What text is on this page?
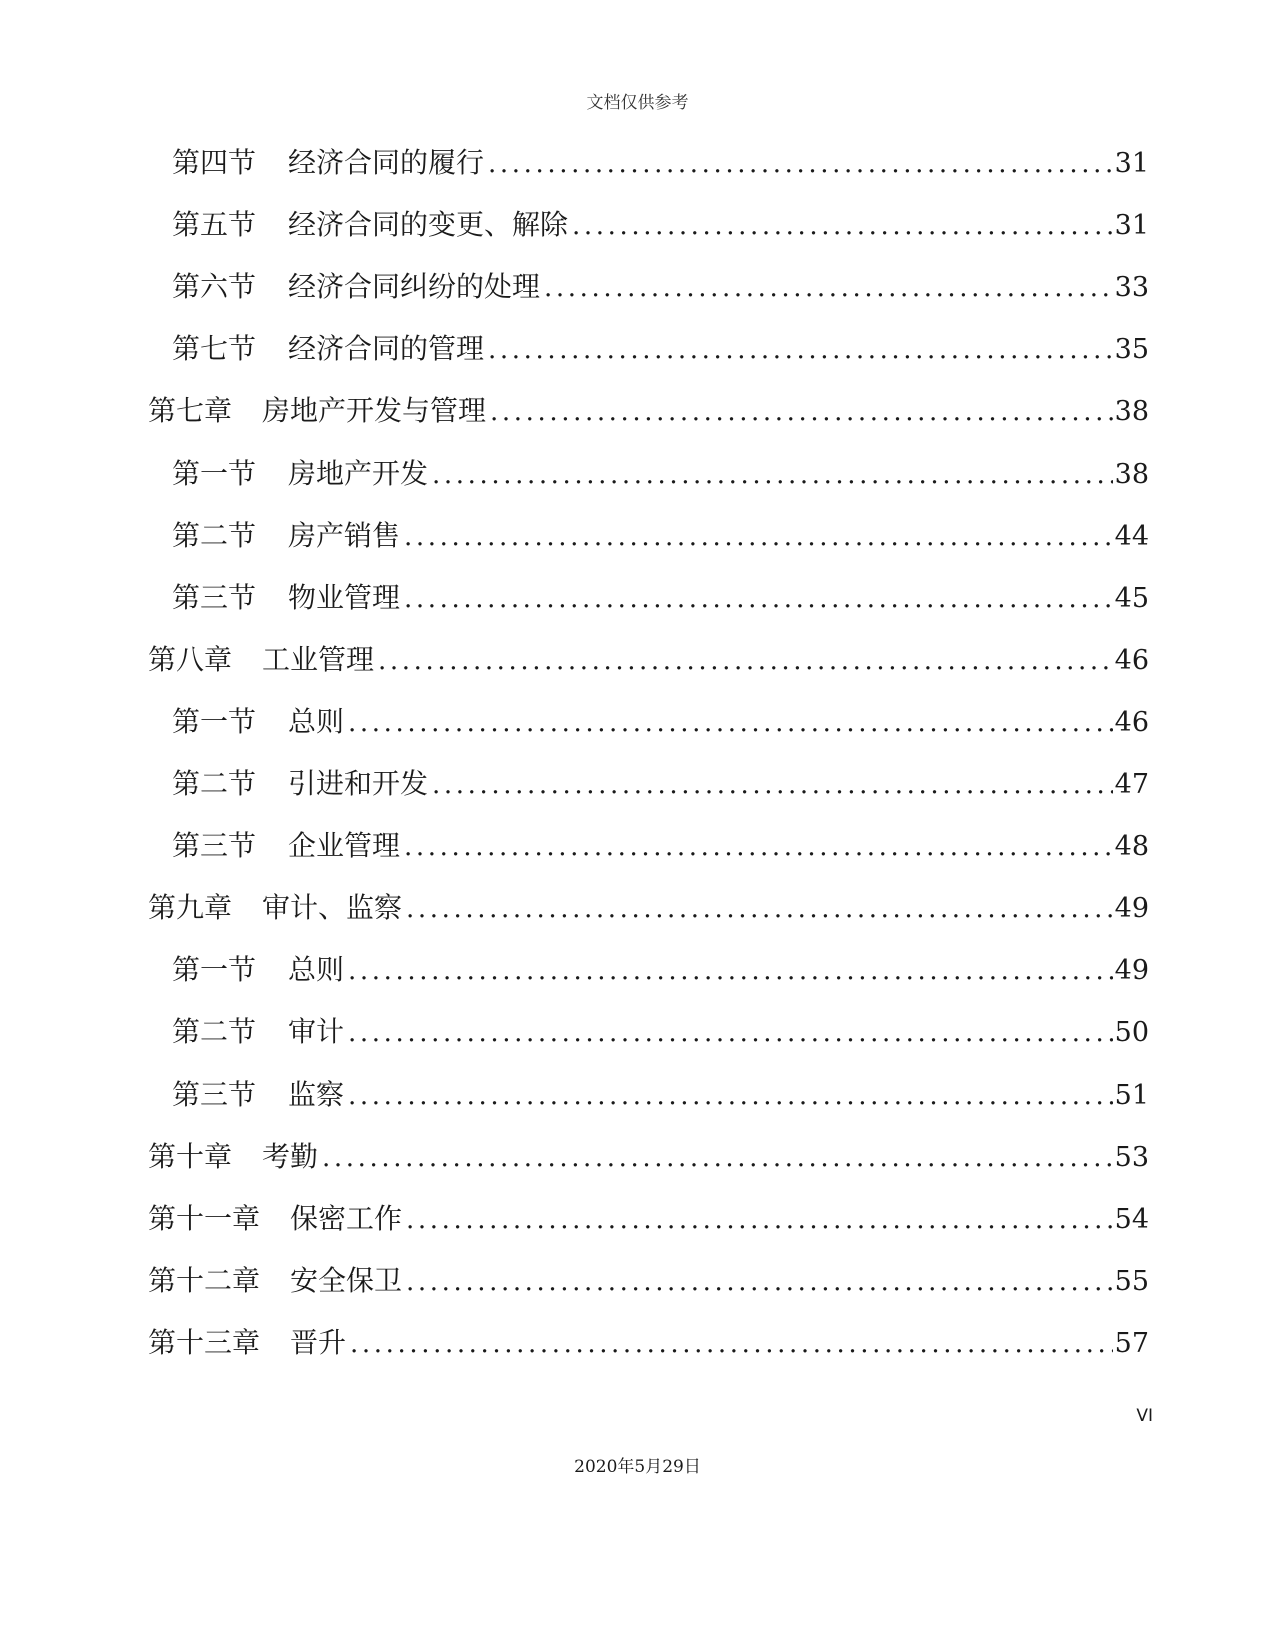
文档仅供参考
第四节 经济合同的履行 .....	31
第五节 经济合同的变更、解除 .....	31
第六节 经济合同纠纷的处理 .....	33
第七节 经济合同的管理 .....	35
第七章 房地产开发与管理 .....	38
第一节 房地产开发 .....	38
第二节 房产销售 .....	44
第三节 物业管理 .....	45
第八章 工业管理 .....	46
第一节 总则 .....	46
第二节 引进和开发 .....	47
第三节 企业管理 .....	48
第九章 审计、监察 .....	49
第一节 总则 .....	49
第二节 审计 .....	50
第三节 监察 .....	51
第十章 考勤 .....	53
第十一章 保密工作 .....	54
第十二章 安全保卫 .....	55
第十三章 晋升 .....	57
VI
2020年5月29日
